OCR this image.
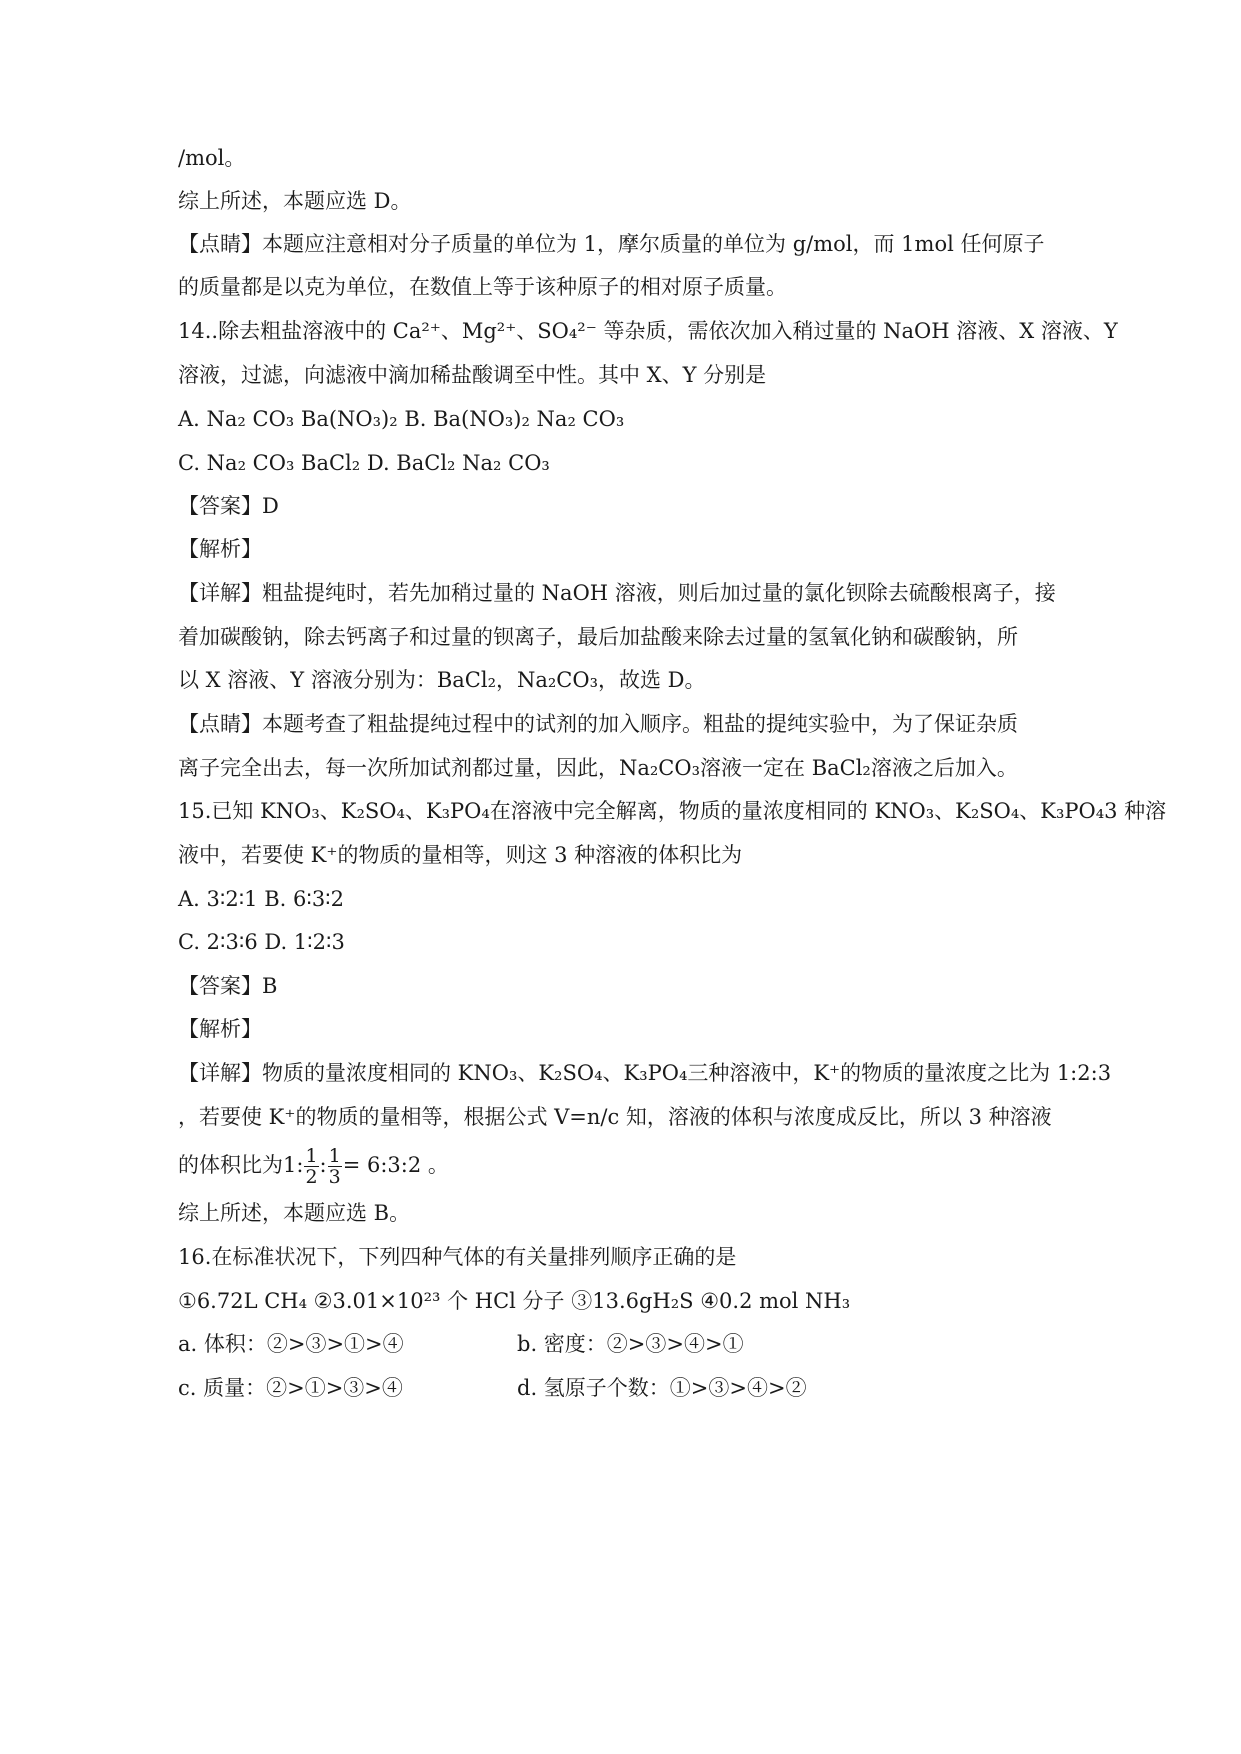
/mol。
综上所述，本题应选 D。
【点睛】本题应注意相对分子质量的单位为 1，摩尔质量的单位为 g/mol，而 1mol 任何原子
的质量都是以克为单位，在数值上等于该种原子的相对原子质量。
14..除去粗盐溶液中的 Ca²⁺、Mg²⁺、SO₄²⁻ 等杂质，需依次加入稍过量的 NaOH 溶液、X 溶液、Y
溶液，过滤，向滤液中滴加稀盐酸调至中性。其中 X、Y 分别是
A. Na₂ CO₃ Ba(NO₃)₂ B. Ba(NO₃)₂ Na₂ CO₃
C. Na₂ CO₃ BaCl₂ D. BaCl₂ Na₂ CO₃
【答案】D
【解析】
【详解】粗盐提纯时，若先加稍过量的 NaOH 溶液，则后加过量的氯化钡除去硫酸根离子，接
着加碳酸钠，除去钙离子和过量的钡离子，最后加盐酸来除去过量的氢氧化钠和碳酸钠，所
以 X 溶液、Y 溶液分别为：BaCl₂，Na₂CO₃，故选 D。
【点睛】本题考查了粗盐提纯过程中的试剂的加入顺序。粗盐的提纯实验中，为了保证杂质
离子完全出去，每一次所加试剂都过量，因此，Na₂CO₃溶液一定在 BaCl₂溶液之后加入。
15.已知 KNO₃、K₂SO₄、K₃PO₄在溶液中完全解离，物质的量浓度相同的 KNO₃、K₂SO₄、K₃PO₄3 种溶
液中，若要使 K⁺的物质的量相等，则这 3 种溶液的体积比为
A. 3∶2∶1 B. 6∶3∶2
C. 2∶3∶6 D. 1∶2∶3
【答案】B
【解析】
【详解】物质的量浓度相同的 KNO₃、K₂SO₄、K₃PO₄三种溶液中，K⁺的物质的量浓度之比为 1:2:3
，若要使 K⁺的物质的量相等，根据公式 V=n/c 知，溶液的体积与浓度成反比，所以 3 种溶液
的体积比为1: $\frac{1}{2}$ : $\frac{1}{3}$ = 6:3:2 。
综上所述，本题应选 B。
16.在标准状况下，下列四种气体的有关量排列顺序正确的是
①6.72L CH₄ ②3.01×10²³ 个 HCl 分子 ③13.6gH₂S ④0.2 mol NH₃
a. 体积：②>③>①>④	b. 密度：②>③>④>①
c. 质量：②>①>③>④	d. 氢原子个数：①>③>④>②
